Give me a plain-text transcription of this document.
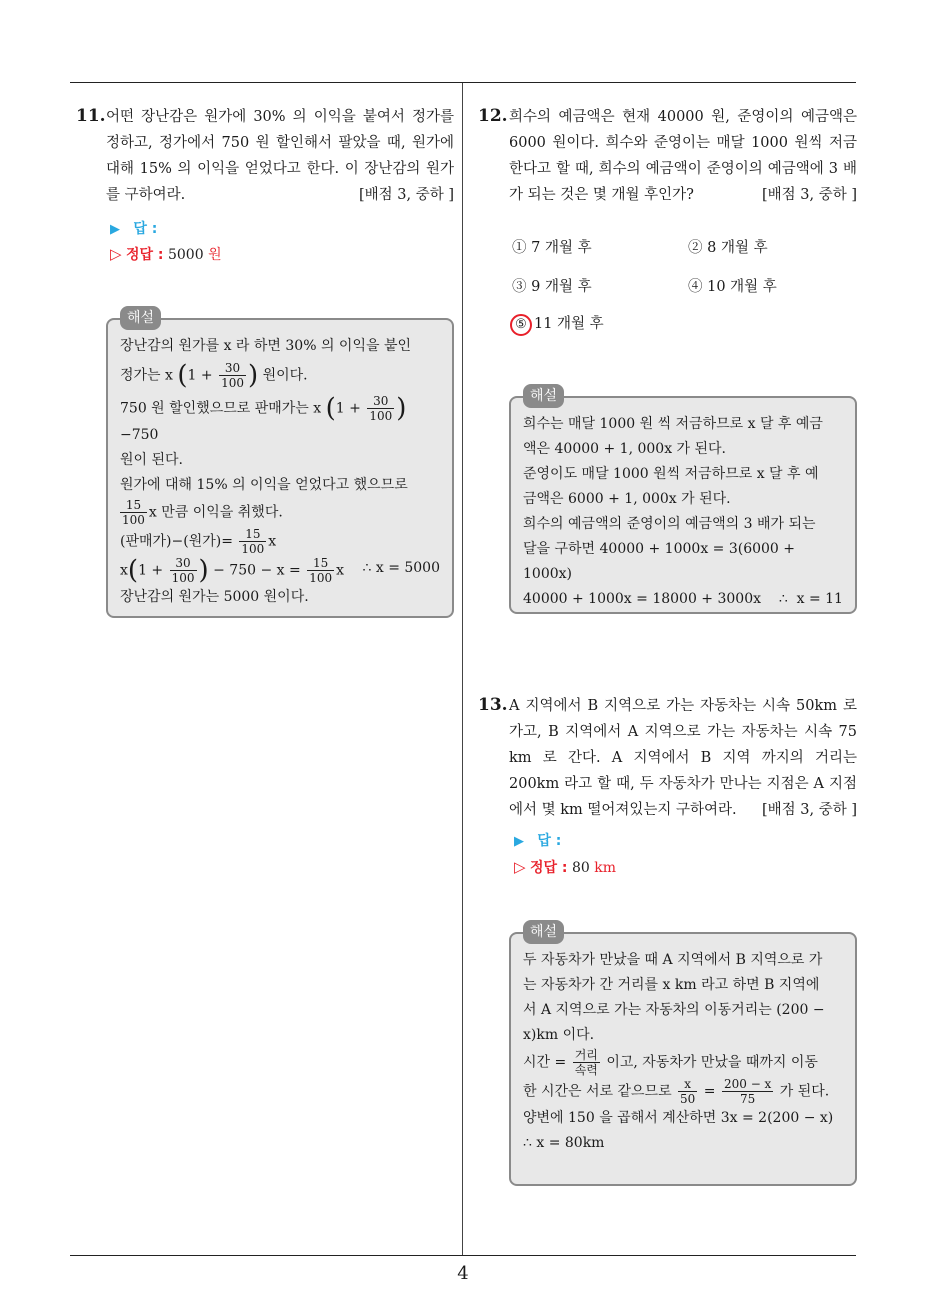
11. 어떤 장난감은 원가에 30% 의 이익을 붙여서 정가를 정하고, 정가에서 750 원 할인해서 팔았을 때, 원가에 대해 15% 의 이익을 얻었다고 한다. 이 장난감의 원가를 구하여라.	[배점 3, 중하 ]
▶ 답 :
▷ 정답 : 5000 원
해설
장난감의 원가를 x 라 하면 30% 의 이익을 붙인
정가는 x ($1 + \frac{30}{100}$ ) 원이다.
750 원 할인했으므로 판매가는 x $(1 + \frac{30}{100} )-750$
원이 된다.
원가에 대해 15% 의 이익을 얻었다고 했으므로
$\frac{15}{100}$ x 만큼 이익을 취했다.
(판매가)−(원가)= $\frac{15}{100}$ x
$x(1 + \frac{30}{100}$ ) − $750 - x = \frac{15}{100}$ x ∴ x = 5000
장난감의 원가는 5000 원이다.
12. 희수의 예금액은 현재 40000 원, 준영이의 예금액은 6000 원이다. 희수와 준영이는 매달 1000 원씩 저금한다고 할 때, 희수의 예금액이 준영이의 예금액에 3 배가 되는 것은 몇 개월 후인가?	[배점 3, 중하 ]
① 7 개월 후	② 8 개월 후
③ 9 개월 후	④ 10 개월 후
⑤ 11 개월 후
해설
희수는 매달 1000 원 씩 저금하므로 x 달 후 예금
액은 40000 + 1, 000x 가 된다.
준영이도 매달 1000 원씩 저금하므로 x 달 후 예
금액은 6000 + 1, 000x 가 된다.
희수의 예금액의 준영이의 예금액의 3 배가 되는
달을 구하면 40000 + 1000x = 3(6000 + 1000x)
40000 + 1000x = 18000 + 3000x    ∴  x = 11
13. A 지역에서 B 지역으로 가는 자동차는 시속 50km 로 가고, B 지역에서 A 지역으로 가는 자동차는 시속 75 km 로 간다. A 지역에서 B 지역 까지의 거리는 200km 라고 할 때, 두 자동차가 만나는 지점은 A 지점에서 몇 km 떨어져있는지 구하여라.	[배점 3, 중하 ]
▶ 답 :
▷ 정답 : 80 km
해설
두 자동차가 만났을 때 A 지역에서 B 지역으로 가
는 자동차가 간 거리를 x km 라고 하면 B 지역에
서 A 지역으로 가는 자동차의 이동거리는 (200 −
x)km 이다.
시간 = $\frac{\text{거리}}{\text{속력}}$ 이고, 자동차가 만났을 때까지 이동
한 시간은 서로 같으므로 $\frac{x}{50} = \frac{200 - x}{75}$ 가 된다.
양변에 150 을 곱해서 계산하면 3x = 2(200 − x)
∴ x = 80km
4
